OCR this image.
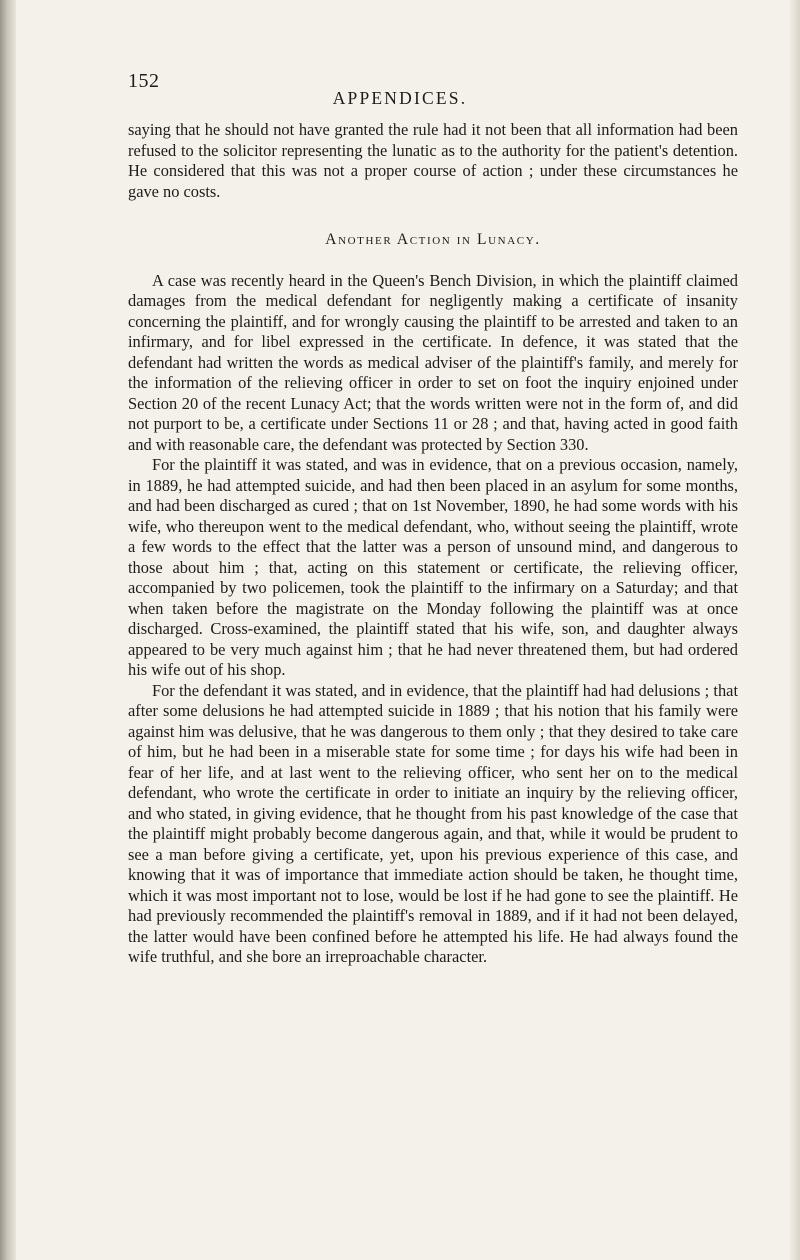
152
APPENDICES.

saying that he should not have granted the rule had it not been that all information had been refused to the solicitor representing the lunatic as to the authority for the patient's detention. He considered that this was not a proper course of action ; under these circumstances he gave no costs.

Another Action in Lunacy.

A case was recently heard in the Queen's Bench Division, in which the plaintiff claimed damages from the medical defendant for negligently making a certificate of insanity concerning the plaintiff, and for wrongly causing the plaintiff to be arrested and taken to an infirmary, and for libel expressed in the certificate. In defence, it was stated that the defendant had written the words as medical adviser of the plaintiff's family, and merely for the information of the relieving officer in order to set on foot the inquiry enjoined under Section 20 of the recent Lunacy Act; that the words written were not in the form of, and did not purport to be, a certificate under Sections 11 or 28 ; and that, having acted in good faith and with reasonable care, the defendant was protected by Section 330.

For the plaintiff it was stated, and was in evidence, that on a previous occasion, namely, in 1889, he had attempted suicide, and had then been placed in an asylum for some months, and had been discharged as cured ; that on 1st November, 1890, he had some words with his wife, who thereupon went to the medical defendant, who, without seeing the plaintiff, wrote a few words to the effect that the latter was a person of unsound mind, and dangerous to those about him ; that, acting on this statement or certificate, the relieving officer, accompanied by two policemen, took the plaintiff to the infirmary on a Saturday; and that when taken before the magistrate on the Monday following the plaintiff was at once discharged. Cross-examined, the plaintiff stated that his wife, son, and daughter always appeared to be very much against him ; that he had never threatened them, but had ordered his wife out of his shop.

For the defendant it was stated, and in evidence, that the plaintiff had had delusions ; that after some delusions he had attempted suicide in 1889 ; that his notion that his family were against him was delusive, that he was dangerous to them only ; that they desired to take care of him, but he had been in a miserable state for some time ; for days his wife had been in fear of her life, and at last went to the relieving officer, who sent her on to the medical defendant, who wrote the certificate in order to initiate an inquiry by the relieving officer, and who stated, in giving evidence, that he thought from his past knowledge of the case that the plaintiff might probably become dangerous again, and that, while it would be prudent to see a man before giving a certificate, yet, upon his previous experience of this case, and knowing that it was of importance that immediate action should be taken, he thought time, which it was most important not to lose, would be lost if he had gone to see the plaintiff. He had previously recommended the plaintiff's removal in 1889, and if it had not been delayed, the latter would have been confined before he attempted his life. He had always found the wife truthful, and she bore an irreproachable character.
